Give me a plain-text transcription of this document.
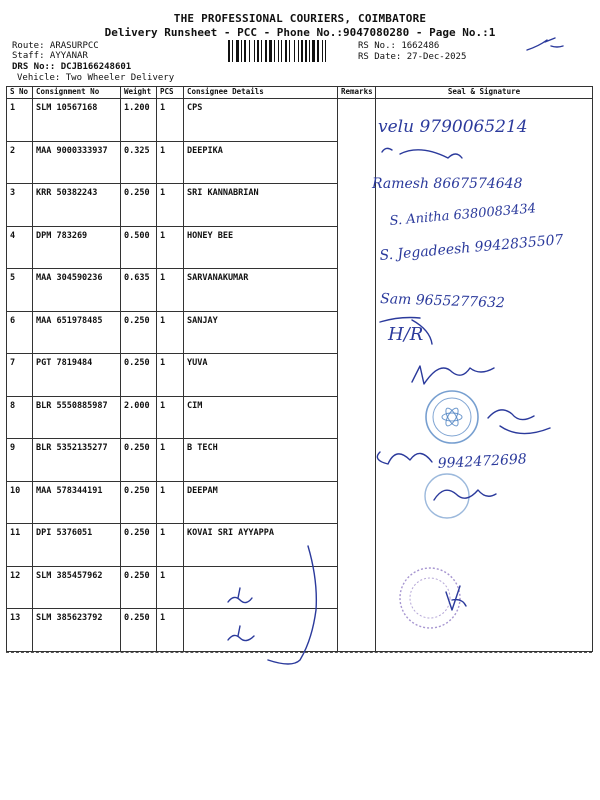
THE PROFESSIONAL COURIERS, COIMBATORE
Delivery Runsheet - PCC - Phone No.:9047080280 - Page No.:1
Route: ARASURPCC
Staff: AYYANAR
DRS No:: DCJB166248601
Vehicle: Two Wheeler Delivery
RS No.: 1662486
RS Date: 27-Dec-2025
S No	Consignment No	Weight	PCS	Consignee Details	Remarks	Seal & Signature
1	SLM 10567168	1.200	1	CPS		
2	MAA 9000333937	0.325	1	DEEPIKA		
3	KRR 50382243	0.250	1	SRI KANNABRIAN		
4	DPM 783269	0.500	1	HONEY BEE		
5	MAA 304590236	0.635	1	SARVANAKUMAR		
6	MAA 651978485	0.250	1	SANJAY		
7	PGT 7819484	0.250	1	YUVA		
8	BLR 5550885987	2.000	1	CIM		
9	BLR 5352135277	0.250	1	B TECH		
10	MAA 578344191	0.250	1	DEEPAM		
11	DPI 5376051	0.250	1	KOVAI SRI AYYAPPA		
12	SLM 385457962	0.250	1			
13	SLM 385623792	0.250	1			
velu 9790065214
Ramesh 8667574648
S. Anitha 6380083434
S. Jegadeesh 9942835507
Sam 9655277632
H/R
9942472698
